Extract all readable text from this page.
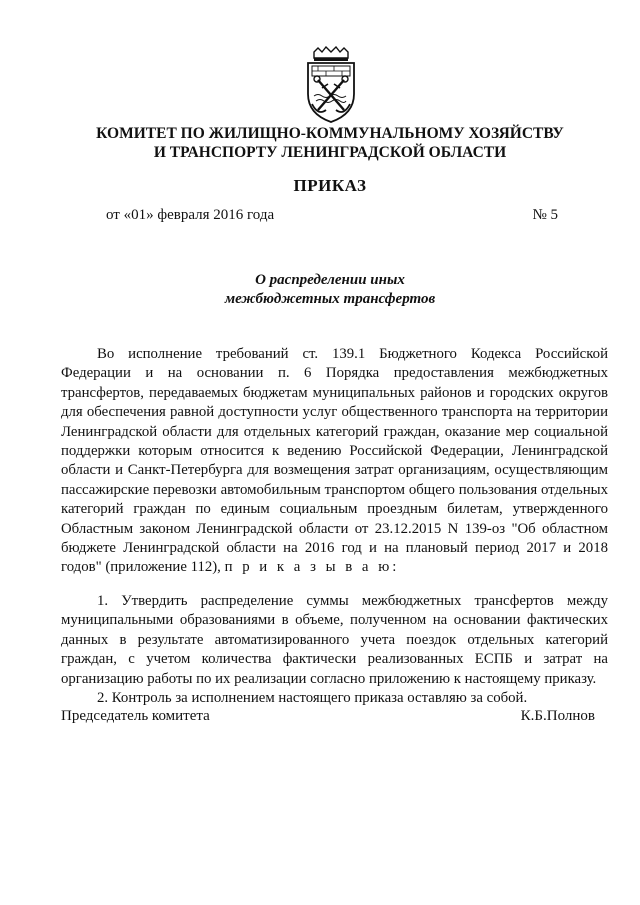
КОМИТЕТ ПО ЖИЛИЩНО-КОММУНАЛЬНОМУ ХОЗЯЙСТВУ
И ТРАНСПОРТУ ЛЕНИНГРАДСКОЙ ОБЛАСТИ
ПРИКАЗ
от «01» февраля 2016 года	№ 5
О распределении иных
межбюджетных трансфертов

Во исполнение требований ст. 139.1 Бюджетного Кодекса Российской Федерации и на основании п. 6 Порядка предоставления межбюджетных трансфертов, передаваемых бюджетам муниципальных районов и городских округов для обеспечения равной доступности услуг общественного транспорта на территории Ленинградской области для отдельных категорий граждан, оказание мер социальной поддержки которым относится к ведению Российской Федерации, Ленинградской области и Санкт-Петербурга для возмещения затрат организациям, осуществляющим пассажирские перевозки автомобильным транспортом общего пользования отдельных категорий граждан по единым социальным проездным билетам, утвержденного Областным законом Ленинградской области от 23.12.2015 N 139-оз "Об областном бюджете Ленинградской области на 2016 год и на плановый период 2017 и 2018 годов" (приложение 112), п р и к а з ы в а ю:

1. Утвердить распределение суммы межбюджетных трансфертов между муниципальными образованиями в объеме, полученном на основании фактических данных в результате автоматизированного учета поездок отдельных категорий граждан, с учетом количества фактически реализованных ЕСПБ и затрат на организацию работы по их реализации согласно приложению к настоящему приказу.

2. Контроль за исполнением настоящего приказа оставляю за собой.

Председатель комитета	К.Б.Полнов
